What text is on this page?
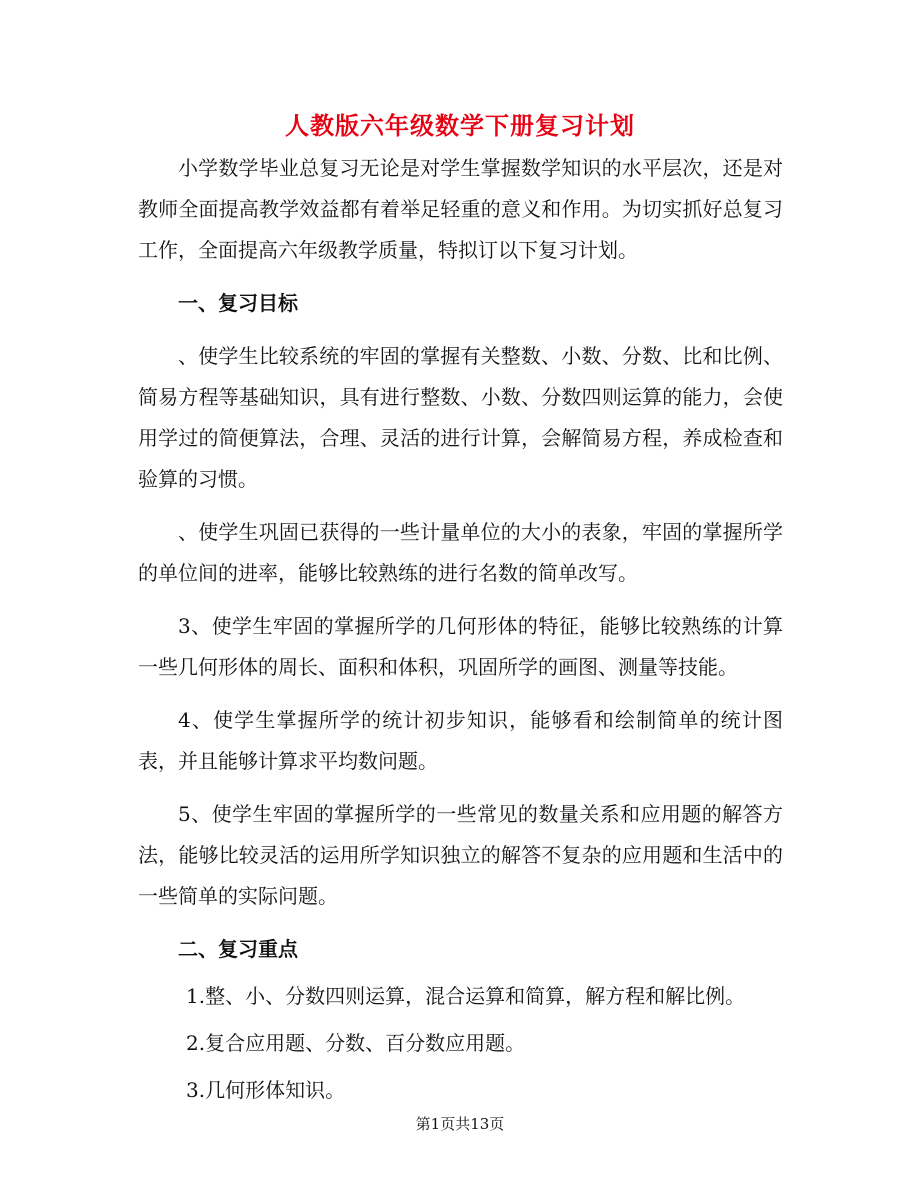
人教版六年级数学下册复习计划

小学数学毕业总复习无论是对学生掌握数学知识的水平层次，还是对教师全面提高教学效益都有着举足轻重的意义和作用。为切实抓好总复习工作，全面提高六年级教学质量，特拟订以下复习计划。

一、复习目标

、使学生比较系统的牢固的掌握有关整数、小数、分数、比和比例、简易方程等基础知识，具有进行整数、小数、分数四则运算的能力，会使用学过的简便算法，合理、灵活的进行计算，会解简易方程，养成检查和验算的习惯。

、使学生巩固已获得的一些计量单位的大小的表象，牢固的掌握所学的单位间的进率，能够比较熟练的进行名数的简单改写。

3、使学生牢固的掌握所学的几何形体的特征，能够比较熟练的计算一些几何形体的周长、面积和体积，巩固所学的画图、测量等技能。

4、使学生掌握所学的统计初步知识，能够看和绘制简单的统计图表，并且能够计算求平均数问题。

5、使学生牢固的掌握所学的一些常见的数量关系和应用题的解答方法，能够比较灵活的运用所学知识独立的解答不复杂的应用题和生活中的一些简单的实际问题。

二、复习重点

1.整、小、分数四则运算，混合运算和简算，解方程和解比例。

2.复合应用题、分数、百分数应用题。

3.几何形体知识。

第1页共13页
